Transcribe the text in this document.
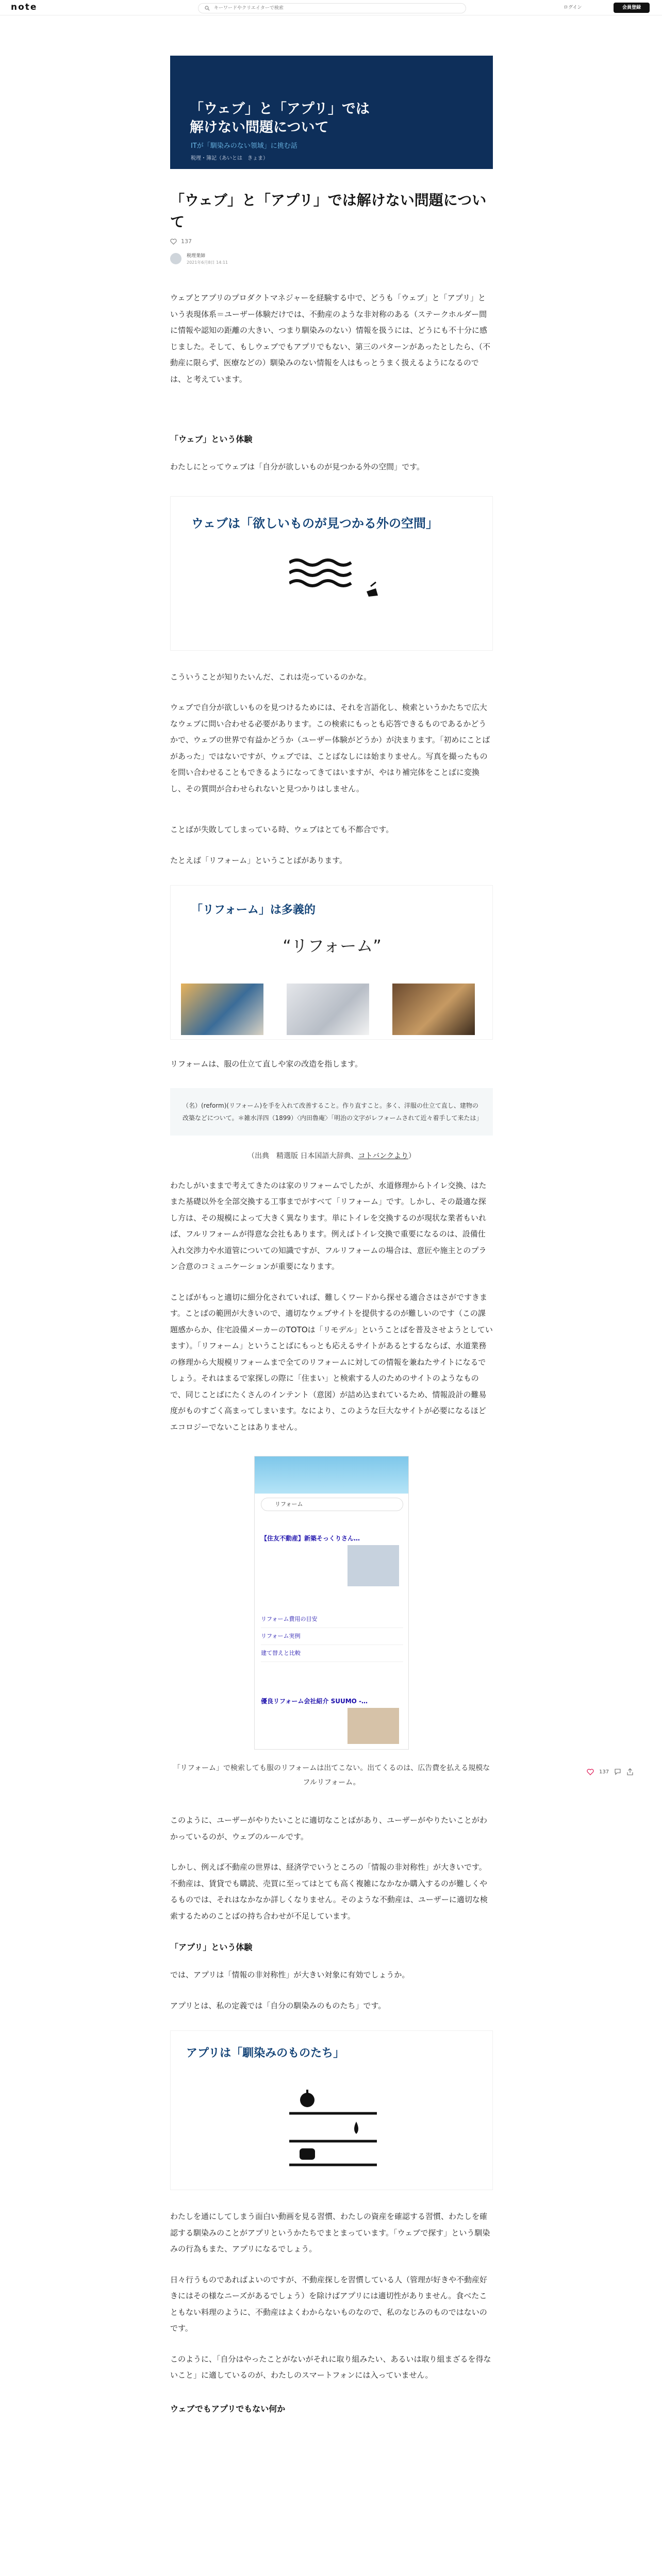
note
キーワードやクリエイターで検索	ログイン	会員登録
「ウェブ」と「アプリ」では
解けない問題について
ITが「馴染みのない領域」に挑む話
税理・簿記（あいとは　きょま）
「ウェブ」と「アプリ」では解けない問題について
137
税理業師
2021年6月8日 14:11

ウェブとアプリのプロダクトマネジャーを経験する中で、どうも「ウェブ」と「アプリ」という表現体系＝ユーザー体験だけでは、不動産のような非対称のある（ステークホルダー間に情報や認知の距離の大きい、つまり馴染みのない）情報を扱うには、どうにも不十分に感じました。そして、もしウェブでもアプリでもない、第三のパターンがあったとしたら、（不動産に限らず、医療などの）馴染みのない情報を人はもっとうまく扱えるようになるのでは、と考えています。

「ウェブ」という体験

わたしにとってウェブは「自分が欲しいものが見つかる外の空間」です。

ウェブは「欲しいものが見つかる外の空間」

こういうことが知りたいんだ、これは売っているのかな。

ウェブで自分が欲しいものを見つけるためには、それを言語化し、検索というかたちで広大なウェブに問い合わせる必要があります。この検索にもっとも応答できるものであるかどうかで、ウェブの世界で有益かどうか（ユーザー体験がどうか）が決まります。「初めにことばがあった」ではないですが、ウェブでは、ことばなしには始まりません。写真を撮ったものを問い合わせることもできるようになってきてはいますが、やはり補完体をことばに変換し、その質問が合わせられないと見つかりはしません。

ことばが失敗してしまっている時、ウェブはとても不都合です。

たとえば「リフォーム」ということばがあります。

「リフォーム」は多義的
“リフォーム”

リフォームは、服の仕立て直しや家の改造を指します。

（名）(reform)(リフォーム)を手を入れて改善すること。作り直すこと。多く、洋服の仕立て直し、建物の改築などについて。＊雑水洋四（1899）〈内田魯庵〉「明治の文字がレフォームされて近々着手して来たは」

（出典　精選版 日本国語大辞典、コトバンクより）

わたしがいままで考えてきたのは家のリフォームでしたが、水道修理からトイレ交換、はたまた基礎以外を全部交換する工事までがすべて「リフォーム」です。しかし、その最適な探し方は、その規模によって大きく異なります。単にトイレを交換するのが現状な業者もいれば、フルリフォームが得意な会社もあります。例えばトイレ交換で重要になるのは、設備仕入れ交渉力や水道管についての知識ですが、フルリフォームの場合は、意匠や施主とのプラン合意のコミュニケーションが重要になります。

ことばがもっと適切に細分化されていれば、難しくワードから探せる適合さはさがですきます。ことばの範囲が大きいので、適切なウェブサイトを提供するのが難しいのです（この課題感からか、住宅設備メーカーのTOTOは「リモデル」ということばを普及させようとしています）。「リフォーム」ということばにもっとも応えるサイトがあるとするならば、水道業務の修理から大規模リフォームまで全てのリフォームに対しての情報を兼ねたサイトになるでしょう。それはまるで家探しの際に「住まい」と検索する人のためのサイトのようなもので、同じことばにたくさんのインテント（意図）が詰め込まれているため、情報設計の難易度がものすごく高まってしまいます。なにより、このような巨大なサイトが必要になるほどエコロジーでないことはありません。

リフォーム
【住友不動産】新築そっくりさん…
リフォーム費用の目安
リフォーム実例
建て替えと比較
優良リフォーム会社紹介 SUUMO -…

「リフォーム」で検索しても服のリフォームは出てこない。出てくるのは、広告費を払える規模なフルリフォーム。

このように、ユーザーがやりたいことに適切なことばがあり、ユーザーがやりたいことがわかっているのが、ウェブのルールです。

しかし、例えば不動産の世界は、経済学でいうところの「情報の非対称性」が大きいです。不動産は、賃貸でも購読、売買に至ってはとても高く複雑になかなか購入するのが難しくやるものでは、それはなかなか詳しくなりません。そのような不動産は、ユーザーに適切な検索するためのことばの持ち合わせが不足しています。

「アプリ」という体験

では、アプリは「情報の非対称性」が大きい対象に有効でしょうか。

アプリとは、私の定義では「自分の馴染みのものたち」です。

アプリは「馴染みのものたち」

わたしを通にしてしまう面白い動画を見る習慣、わたしの資産を確認する習慣、わたしを確認する馴染みのことがアプリというかたちでまとまっています。「ウェブで探す」という馴染みの行為もまた、アプリになるでしょう。

日々行うものであればよいのですが、不動産探しを習慣している人（管理が好きや不動産好きにはその様なニーズがあるでしょう）を除けばアプリには適切性がありません。食べたこともない料理のように、不動産はよくわからないものなので、私のなじみのものではないのです。

このように、「自分はやったことがないがそれに取り組みたい、あるいは取り組まざるを得ないこと」に適しているのが、わたしのスマートフォンには入っていません。

ウェブでもアプリでもない何か
137
